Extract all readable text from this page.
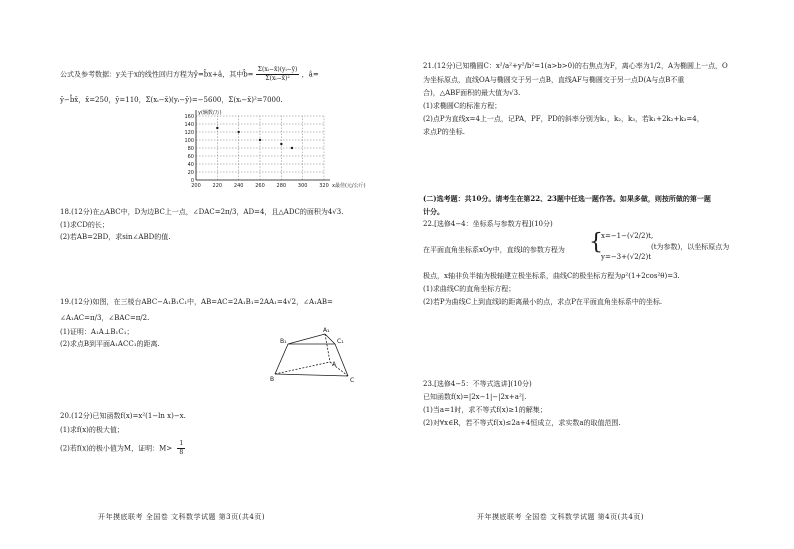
公式及参考数据：y关于x的线性回归方程为ŷ=b̂x+â，其中b̂= $\frac{\text{Σ(xᵢ−x̄)(yᵢ−ȳ)}}{\text{Σ(xᵢ−x̄)²}}$ ，â=
ȳ−b̂x̄，x̄=250，ȳ=110，Σ(xᵢ−x̄)(yᵢ−ȳ)=−5600，Σ(xᵢ−x̄)²=7000.
200 220 240 260 280 300 320
0
20
40
60
80
100
120
140
160
y(辆数/万)
x最佳(元/公斤)
18.(12分)在△ABC中，D为边BC上一点，∠DAC=2π/3，AD=4，且△ADC的面积为4√3.
(1)求CD的长；
(2)若AB=2BD，求sin∠ABD的值.
19.(12分)如图，在三棱台ABC−A₁B₁C₁中，AB=AC=2A₁B₁=2AA₁=4√2，∠A₁AB=
∠A₁AC=π/3，∠BAC=π/2.
(1)证明：A₁A⊥B₁C₁；
(2)求点B到平面A₁ACC₁的距离.
A₁
B₁	C₁
A
B	C
20.(12分)已知函数f(x)=x²(1−ln x)−x.
(1)求f(x)的极大值；
(2)若f(x)的极小值为M，证明：$M> \frac{1}{8}$
开年摸底联考 全国卷 文科数学试题 第3页(共4页)
21.(12分)已知椭圆C：x²/a²+y²/b²=1(a>b>0)的右焦点为F，离心率为1/2，A为椭圆上一点，O
为坐标原点，直线OA与椭圆交于另一点B，直线AF与椭圆交于另一点D(A与点B不重
合)，△ABF面积的最大值为√3.
(1)求椭圆C的标准方程；
(2)点P为直线x=4上一点，记PA，PF，PD的斜率分别为k₁，k₂，k₃，若k₁+2k₂+k₃=4，
求点P的坐标.
(二)选考题：共10分。请考生在第22、23题中任选一题作答。如果多做，则按所做的第一题
计分。
22.[选修4−4：坐标系与参数方程](10分)
在平面直角坐标系xOy中，直线l的参数方程为 {
x=−1−(√2/2)t,
y=−3+(√2/2)t
(t为参数)，以坐标原点为
极点，x轴非负半轴为极轴建立极坐标系，曲线C的极坐标方程为ρ²(1+2cos²θ)=3.
(1)求曲线C的直角坐标方程；
(2)若P为曲线C上到直线l的距离最小的点，求点P在平面直角坐标系中的坐标.
23.[选修4−5：不等式选讲](10分)
已知函数f(x)=|2x−1|−|2x+a²|.
(1)当a=1时，求不等式f(x)≥1的解集；
(2)对∀x∈R，若不等式f(x)≤2a+4恒成立，求实数a的取值范围.
开年摸底联考 全国卷 文科数学试题 第4页(共4页)
